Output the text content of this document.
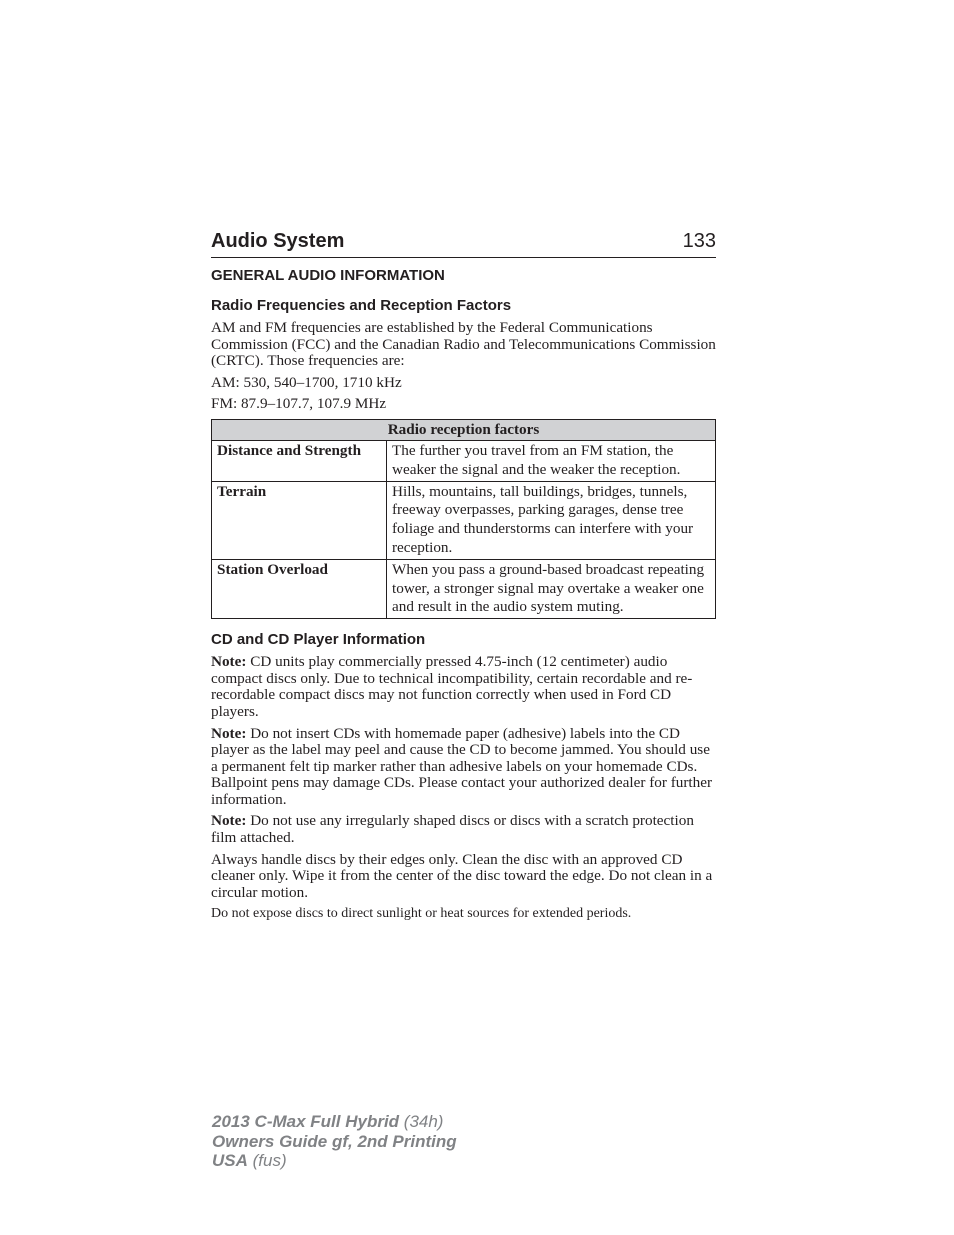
Audio System	133
GENERAL AUDIO INFORMATION
Radio Frequencies and Reception Factors

AM and FM frequencies are established by the Federal Communications Commission (FCC) and the Canadian Radio and Telecommunications Commission (CRTC). Those frequencies are:

AM: 530, 540–1700, 1710 kHz

FM: 87.9–107.7, 107.9 MHz

Radio reception factors	
Distance and Strength	The further you travel from an FM station, the weaker the signal and the weaker the reception.
Terrain	Hills, mountains, tall buildings, bridges, tunnels, freeway overpasses, parking garages, dense tree foliage and thunderstorms can interfere with your reception.
Station Overload	When you pass a ground-based broadcast repeating tower, a stronger signal may overtake a weaker one and result in the audio system muting.
CD and CD Player Information

Note: CD units play commercially pressed 4.75-inch (12 centimeter) audio compact discs only. Due to technical incompatibility, certain recordable and re-recordable compact discs may not function correctly when used in Ford CD players.

Note: Do not insert CDs with homemade paper (adhesive) labels into the CD player as the label may peel and cause the CD to become jammed. You should use a permanent felt tip marker rather than adhesive labels on your homemade CDs. Ballpoint pens may damage CDs. Please contact your authorized dealer for further information.

Note: Do not use any irregularly shaped discs or discs with a scratch protection film attached.

Always handle discs by their edges only. Clean the disc with an approved CD cleaner only. Wipe it from the center of the disc toward the edge. Do not clean in a circular motion.

Do not expose discs to direct sunlight or heat sources for extended periods.

2013 C-Max Full Hybrid (34h)
Owners Guide gf, 2nd Printing
USA (fus)
